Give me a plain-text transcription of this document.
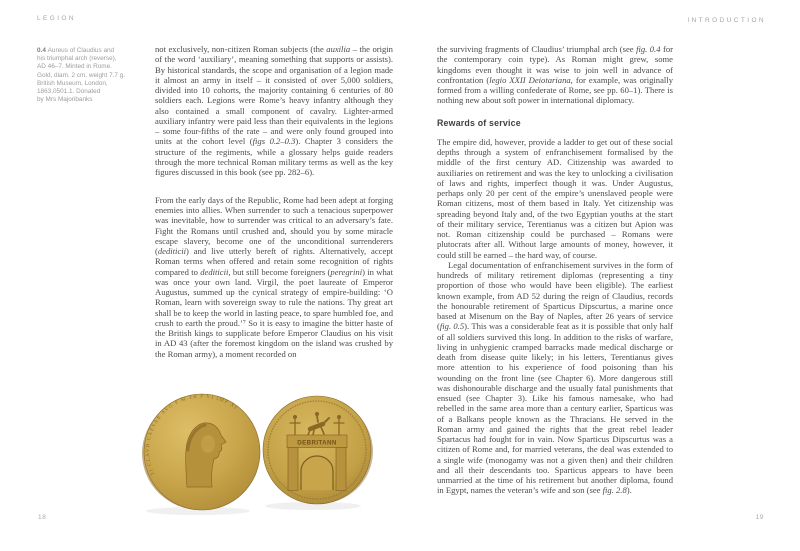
LEGION	INTRODUCTION
0.4 Aureus of Claudius and
his triumphal arch (reverse),
AD 46–7. Minted in Rome.
Gold, diam. 2 cm, weight 7.7 g.
British Museum, London,
1863,0501.1. Donated
by Mrs Majoribanks

not exclusively, non-citizen Roman subjects (the auxilia – the origin of the word ‘auxiliary’, meaning something that supports or assists). By historical standards, the scope and organisation of a legion made it almost an army in itself – it consisted of over 5,000 soldiers, divided into 10 cohorts, the majority containing 6 centuries of 80 soldiers each. Legions were Rome’s heavy infantry although they also contained a small component of cavalry. Lighter-armed auxiliary infantry were paid less than their equivalents in the legions – some four-fifths of the rate – and were only found grouped into units at the cohort level (figs 0.2–0.3). Chapter 3 considers the structure of the regiments, while a glossary helps guide readers through the more technical Roman military terms as well as the key figures discussed in this book (see pp. 282–6).

From the early days of the Republic, Rome had been adept at forging enemies into allies. When surrender to such a tenacious superpower was inevitable, how to surrender was critical to an adversary’s fate. Fight the Romans until crushed and, should you by some miracle escape slavery, become one of the unconditional surrenderers (dediticii) and live utterly bereft of rights. Alternatively, accept Roman terms when offered and retain some recognition of rights compared to dediticii, but still become foreigners (peregrini) in what was once your own land. Virgil, the poet laureate of Emperor Augustus, summed up the cynical strategy of empire-building: ‘O Roman, learn with sovereign sway to rule the nations. Thy great art shall be to keep the world in lasting peace, to spare humbled foe, and crush to earth the proud.’⁷ So it is easy to imagine the bitter haste of the British kings to supplicate before Emperor Claudius on his visit in AD 43 (after the foremost kingdom on the island was crushed by the Roman army), a moment recorded on

the surviving fragments of Claudius’ triumphal arch (see fig. 0.4 for the contemporary coin type). As Roman might grew, some kingdoms even thought it was wise to join well in advance of confrontation (legio XXII Deiotariana, for example, was originally formed from a willing confederate of Rome, see pp. 60–1). There is nothing new about soft power in international diplomacy.

Rewards of service

The empire did, however, provide a ladder to get out of these social depths through a system of enfranchisement formalised by the middle of the first century AD. Citizenship was awarded to auxiliaries on retirement and was the key to unlocking a civilisation of laws and rights, imperfect though it was. Under Augustus, perhaps only 20 per cent of the empire’s unenslaved people were Roman citizens, most of them based in Italy. Yet citizenship was spreading beyond Italy and, of the two Egyptian youths at the start of their military service, Terentianus was a citizen but Apion was not. Roman citizenship could be purchased – Romans were plutocrats after all. Without large amounts of money, however, it could still be earned – the hard way, of course.

Legal documentation of enfranchisement survives in the form of hundreds of military retirement diplomas (representing a tiny proportion of those who would have been eligible). The earliest known example, from AD 52 during the reign of Claudius, records the honourable retirement of Sparticus Dipscurtus, a marine once based at Misenum on the Bay of Naples, after 26 years of service (fig. 0.5). This was a considerable feat as it is possible that only half of all soldiers survived this long. In addition to the risks of warfare, living in unhygienic cramped barracks made medical discharge or death from disease quite likely; in his letters, Terentianus gives more attention to his experience of food poisoning than his wounding on the front line (see Chapter 6). More dangerous still was dishonourable discharge and the usually fatal punishments that ensued (see Chapter 3). Like his famous namesake, who had rebelled in the same area more than a century earlier, Sparticus was of a Balkans people known as the Thracians. He served in the Roman army and gained the rights that the great rebel leader Spartacus had fought for in vain. Now Sparticus Dipscurtus was a citizen of Rome and, for married veterans, the deal was extended to a single wife (monogamy was not a given then) and their children and all their descendants too. Sparticus appears to have been unmarried at the time of his retirement but another diploma, found in Egypt, names the veteran’s wife and son (see fig. 2.8).

TI CLAVD CAESAR AVG P M TR P VI IMP XI
DEBRITANN
18	19
